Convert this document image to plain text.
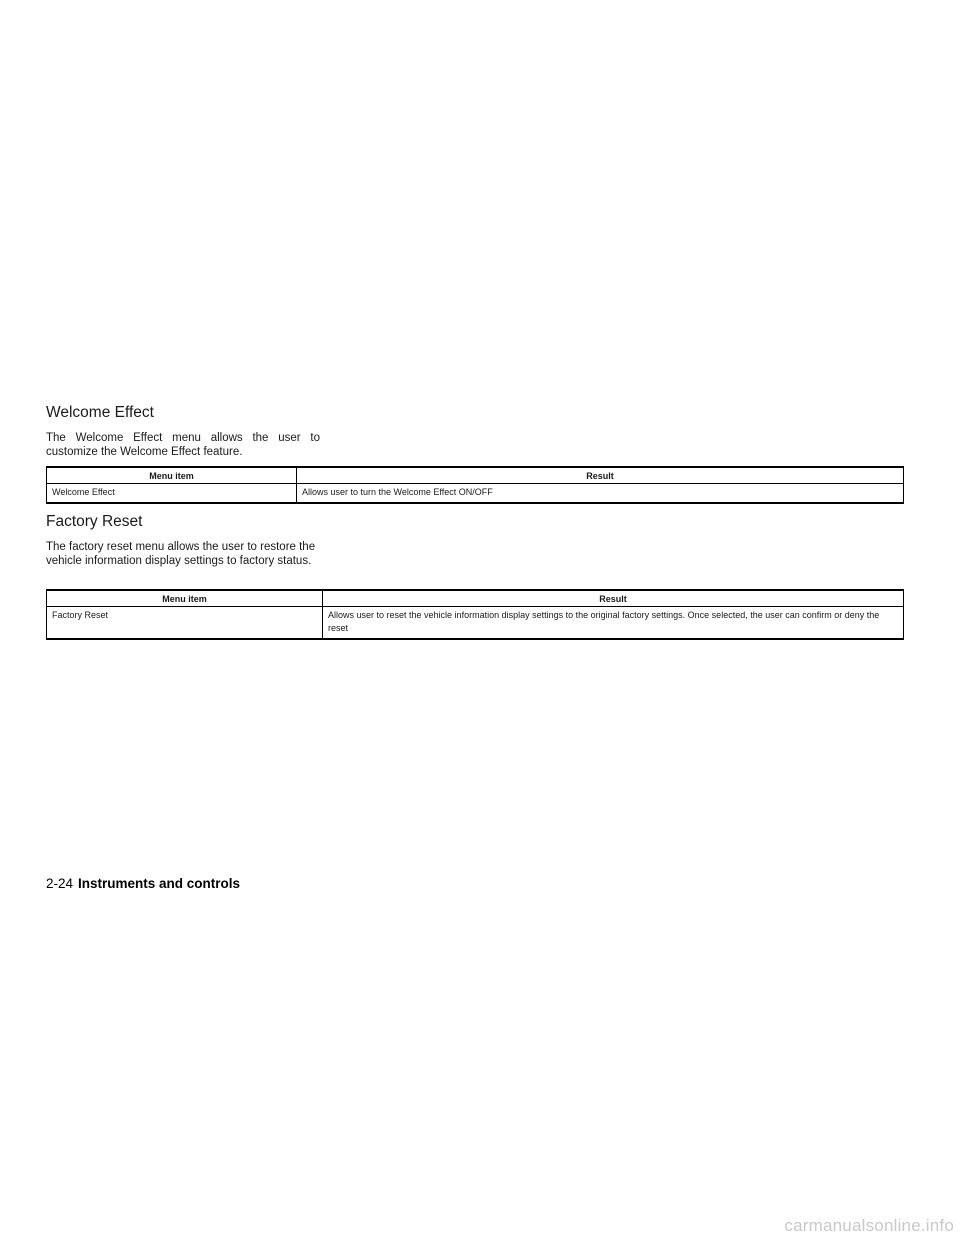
Welcome Effect

The Welcome Effect menu allows the user to customize the Welcome Effect feature.

Menu item	Result
Welcome Effect	Allows user to turn the Welcome Effect ON/OFF
Factory Reset

The factory reset menu allows the user to restore the vehicle information display settings to factory status.

Menu item	Result
Factory Reset	Allows user to reset the vehicle information display settings to the original factory settings. Once selected, the user can confirm or deny the reset

2-24 Instruments and controls

carmanualsonline.info
